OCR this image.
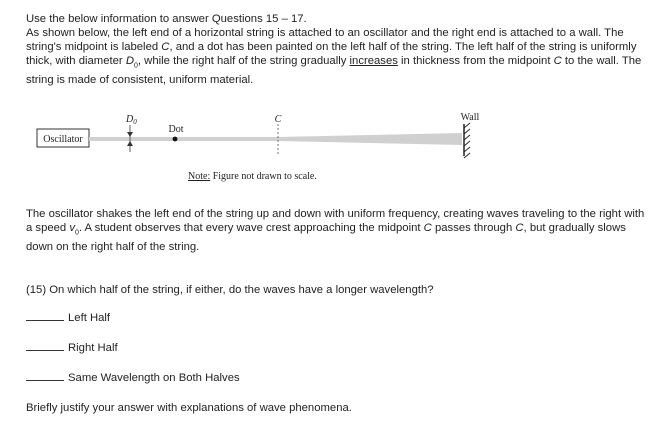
Use the below information to answer Questions 15 – 17.
As shown below, the left end of a horizontal string is attached to an oscillator and the right end is attached to a wall. The string's midpoint is labeled C, and a dot has been painted on the left half of the string. The left half of the string is uniformly thick, with diameter $D_0$, while the right half of the string gradually increases in thickness from the midpoint C to the wall. The string is made of consistent, uniform material.
Oscillator
$D_0$
Dot
C	Wall
Note: Figure not drawn to scale.
The oscillator shakes the left end of the string up and down with uniform frequency, creating waves traveling to the right with a speed $v_0$. A student observes that every wave crest approaching the midpoint C passes through C, but gradually slows down on the right half of the string.
(15) On which half of the string, if either, do the waves have a longer wavelength?
Left Half
Right Half
Same Wavelength on Both Halves
Briefly justify your answer with explanations of wave phenomena.
